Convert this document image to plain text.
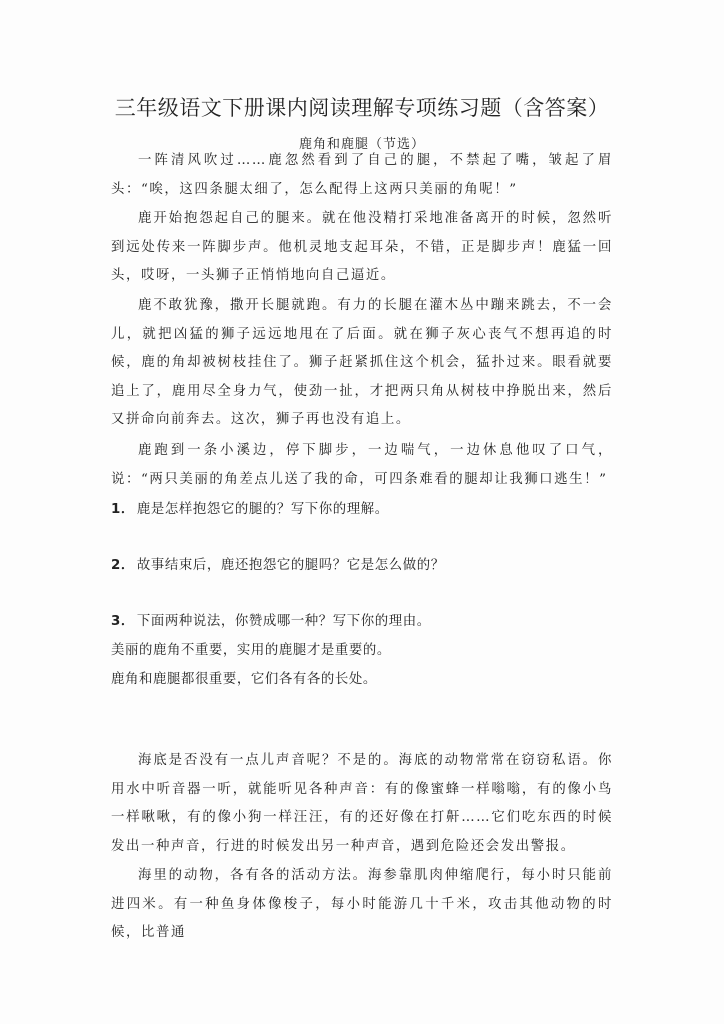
三年级语文下册课内阅读理解专项练习题（含答案）
鹿角和鹿腿（节选）

一阵清风吹过……鹿忽然看到了自己的腿，不禁起了嘴，皱起了眉头：“唉，这四条腿太细了，怎么配得上这两只美丽的角呢！”

鹿开始抱怨起自己的腿来。就在他没精打采地准备离开的时候，忽然听到远处传来一阵脚步声。他机灵地支起耳朵，不错，正是脚步声！鹿猛一回头，哎呀，一头狮子正悄悄地向自己逼近。

鹿不敢犹豫，撒开长腿就跑。有力的长腿在灌木丛中蹦来跳去，不一会儿，就把凶猛的狮子远远地甩在了后面。就在狮子灰心丧气不想再追的时候，鹿的角却被树枝挂住了。狮子赶紧抓住这个机会，猛扑过来。眼看就要追上了，鹿用尽全身力气，使劲一扯，才把两只角从树枝中挣脱出来，然后又拼命向前奔去。这次，狮子再也没有追上。

鹿跑到一条小溪边，停下脚步，一边喘气，一边休息他叹了口气，说：“两只美丽的角差点儿送了我的命，可四条难看的腿却让我狮口逃生！”

1． 鹿是怎样抱怨它的腿的？写下你的理解。

2． 故事结束后，鹿还抱怨它的腿吗？它是怎么做的？

3． 下面两种说法，你赞成哪一种？写下你的理由。

美丽的鹿角不重要，实用的鹿腿才是重要的。

鹿角和鹿腿都很重要，它们各有各的长处。

海底是否没有一点儿声音呢？不是的。海底的动物常常在窃窃私语。你用水中听音器一听，就能听见各种声音：有的像蜜蜂一样嗡嗡，有的像小鸟一样啾啾，有的像小狗一样汪汪，有的还好像在打鼾……它们吃东西的时候发出一种声音，行进的时候发出另一种声音，遇到危险还会发出警报。

海里的动物，各有各的活动方法。海参靠肌肉伸缩爬行，每小时只能前进四米。有一种鱼身体像梭子，每小时能游几十千米，攻击其他动物的时候，比普通
